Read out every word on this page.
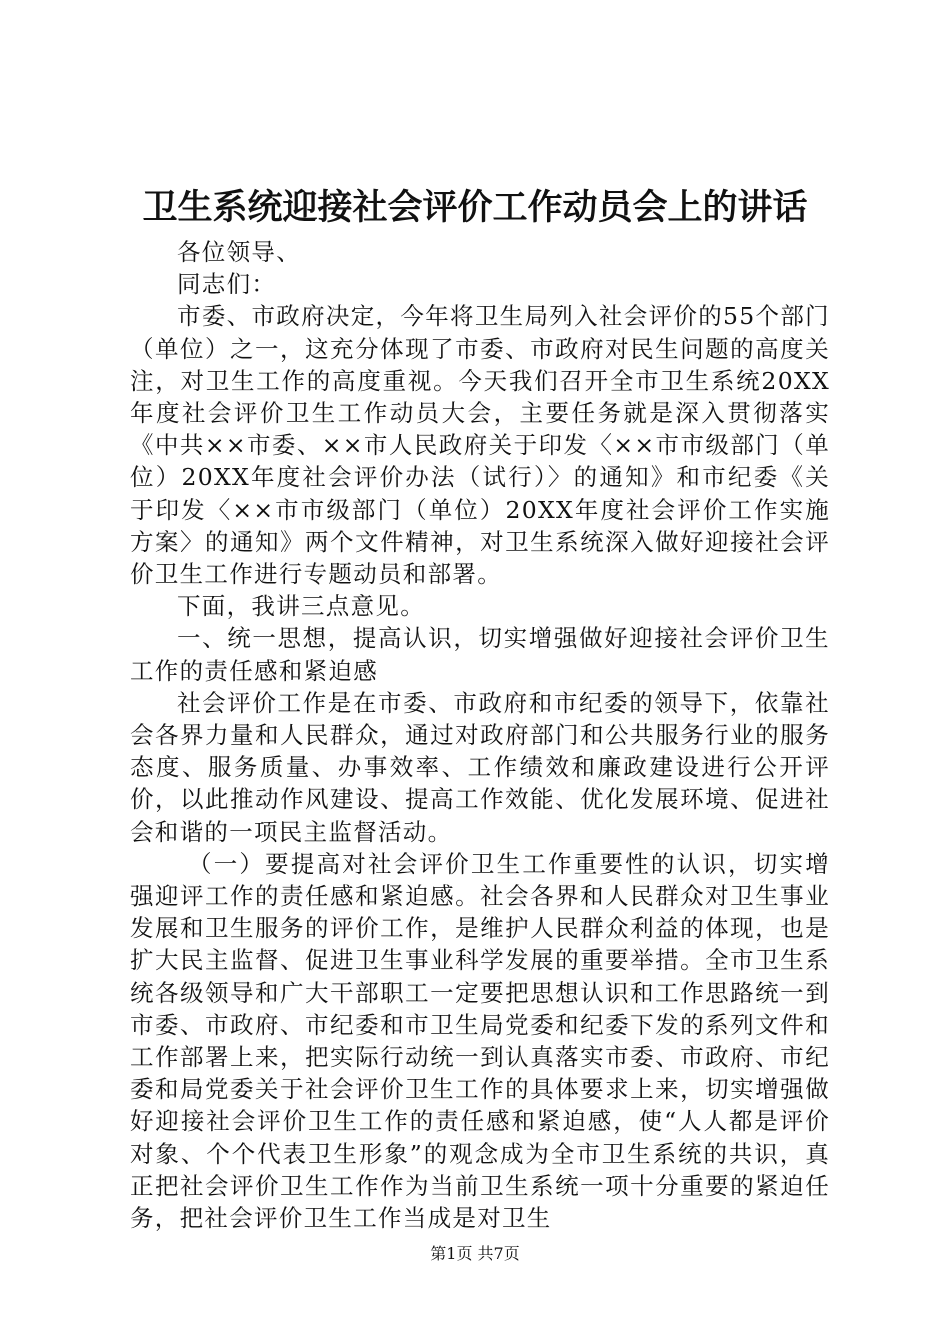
卫生系统迎接社会评价工作动员会上的讲话

各位领导、

同志们：

市委、市政府决定，今年将卫生局列入社会评价的55个部门（单位）之一，这充分体现了市委、市政府对民生问题的高度关注，对卫生工作的高度重视。今天我们召开全市卫生系统20XX年度社会评价卫生工作动员大会，主要任务就是深入贯彻落实《中共××市委、××市人民政府关于印发〈××市市级部门（单位）20XX年度社会评价办法（试行）〉的通知》和市纪委《关于印发〈××市市级部门（单位）20XX年度社会评价工作实施方案〉的通知》两个文件精神，对卫生系统深入做好迎接社会评价卫生工作进行专题动员和部署。

下面，我讲三点意见。

一、统一思想，提高认识，切实增强做好迎接社会评价卫生工作的责任感和紧迫感

社会评价工作是在市委、市政府和市纪委的领导下，依靠社会各界力量和人民群众，通过对政府部门和公共服务行业的服务态度、服务质量、办事效率、工作绩效和廉政建设进行公开评价，以此推动作风建设、提高工作效能、优化发展环境、促进社会和谐的一项民主监督活动。

（一）要提高对社会评价卫生工作重要性的认识，切实增强迎评工作的责任感和紧迫感。社会各界和人民群众对卫生事业发展和卫生服务的评价工作，是维护人民群众利益的体现，也是扩大民主监督、促进卫生事业科学发展的重要举措。全市卫生系统各级领导和广大干部职工一定要把思想认识和工作思路统一到市委、市政府、市纪委和市卫生局党委和纪委下发的系列文件和工作部署上来，把实际行动统一到认真落实市委、市政府、市纪委和局党委关于社会评价卫生工作的具体要求上来，切实增强做好迎接社会评价卫生工作的责任感和紧迫感，使“人人都是评价对象、个个代表卫生形象”的观念成为全市卫生系统的共识，真正把社会评价卫生工作作为当前卫生系统一项十分重要的紧迫任务，把社会评价卫生工作当成是对卫生

第1页 共7页
